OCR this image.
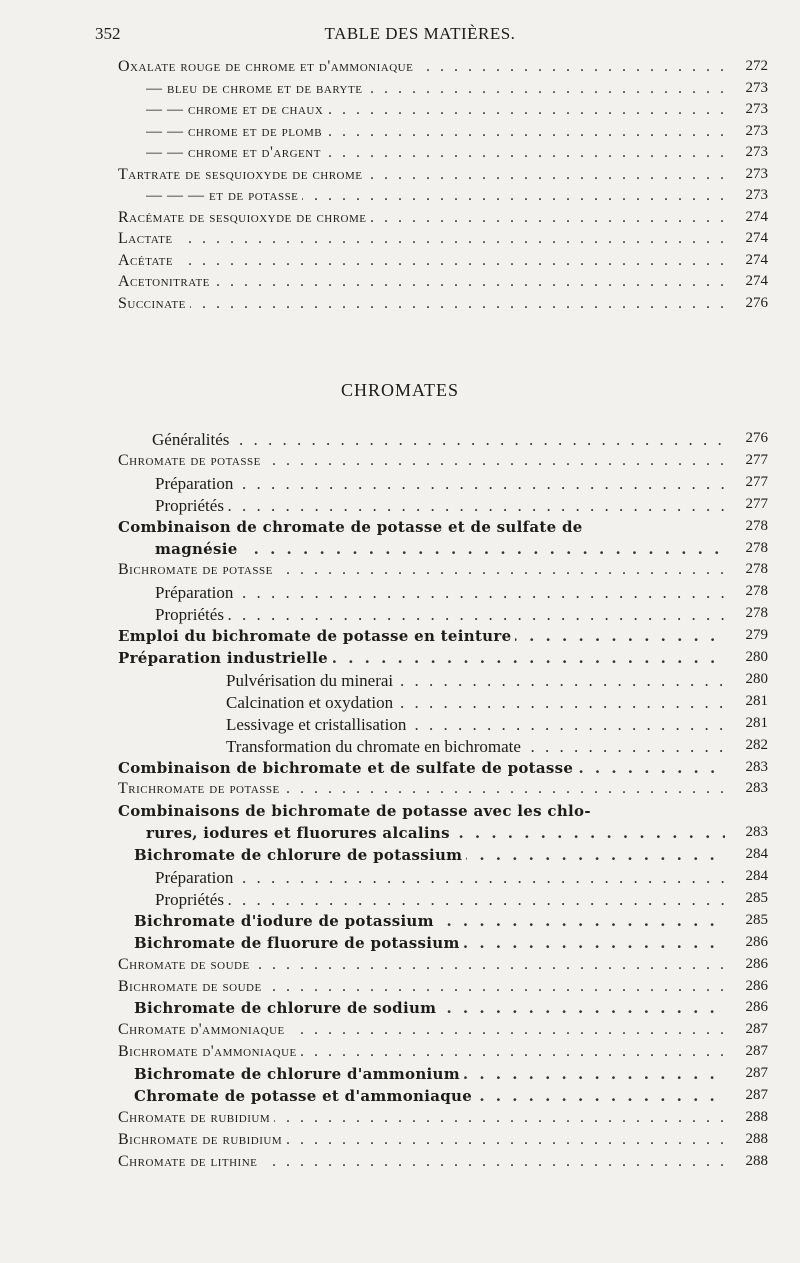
352	TABLE DES MATIÈRES.
Oxalate rouge de chrome et d'ammoniaque . . .	272
— bleu de chrome et de baryte . . .	273
— — chrome et de chaux . . .	273
— — chrome et de plomb . . .	273
— — chrome et d'argent . . .	273
Tartrate de sesquioxyde de chrome . . .	273
— — — et de potasse . . .	273
Racémate de sesquioxyde de chrome . . .	274
Lactate . . .	274
Acétate . . .	274
Acetonitrate . . .	274
Succinate . . .	276
CHROMATES
Généralités . . .	276
Chromate de potasse . . .	277
Préparation . . .	277
Propriétés . . .	277
Combinaison de chromate de potasse et de sulfate de	278
magnésie . . .	278
Bichromate de potasse . . .	278
Préparation . . .	278
Propriétés . . .	278
Emploi du bichromate de potasse en teinture . . .	279
Préparation industrielle . . .	280
Pulvérisation du minerai . . .	280
Calcination et oxydation . . .	281
Lessivage et cristallisation . . .	281
Transformation du chromate en bichromate . . .	282
Combinaison de bichromate et de sulfate de potasse . . .	283
Trichromate de potasse . . .	283
Combinaisons de bichromate de potasse avec les chlo-
rures, iodures et fluorures alcalins . . .	283
Bichromate de chlorure de potassium . . .	284
Préparation . . .	284
Propriétés . . .	285
Bichromate d'iodure de potassium . . .	285
Bichromate de fluorure de potassium . . .	286
Chromate de soude . . .	286
Bichromate de soude . . .	286
Bichromate de chlorure de sodium . . .	286
Chromate d'ammoniaque . . .	287
Bichromate d'ammoniaque . . .	287
Bichromate de chlorure d'ammonium . . .	287
Chromate de potasse et d'ammoniaque . . .	287
Chromate de rubidium . . .	288
Bichromate de rubidium . . .	288
Chromate de lithine . . .	288
